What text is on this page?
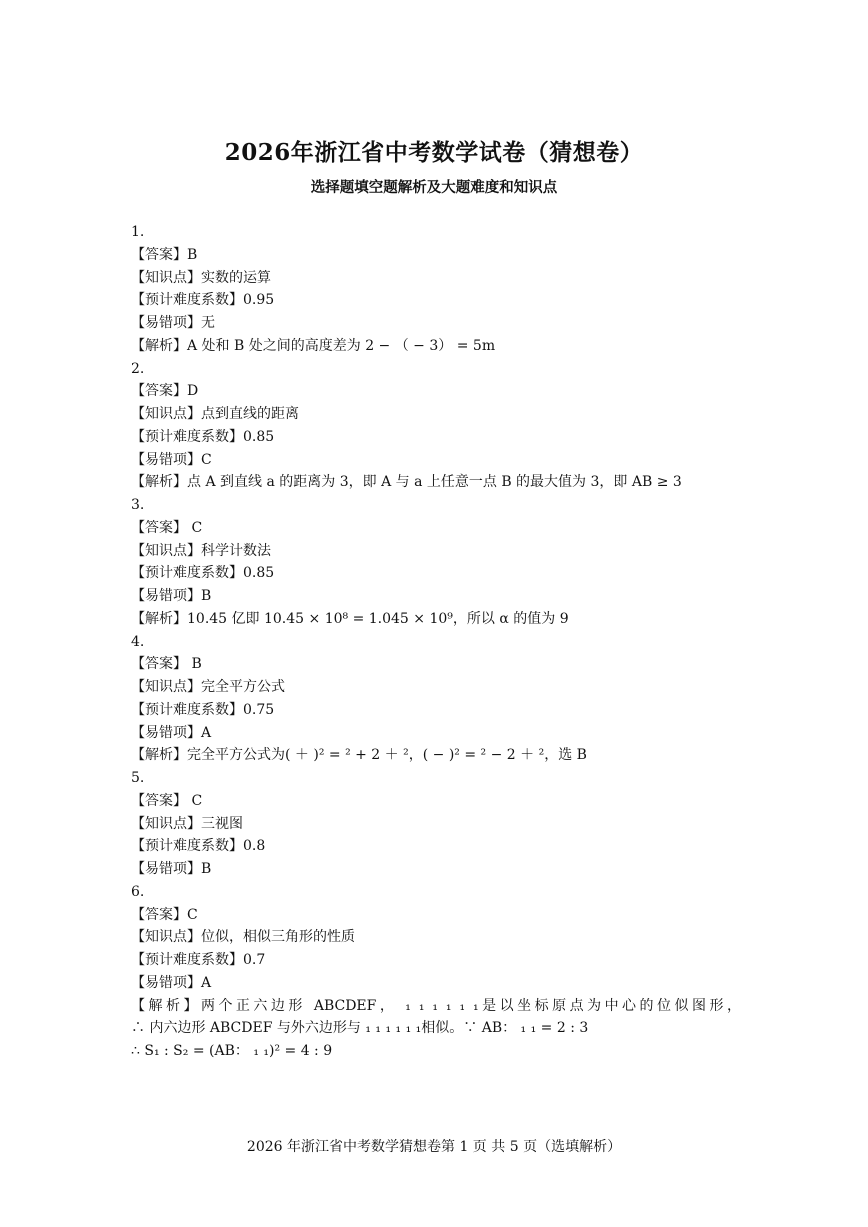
2026年浙江省中考数学试卷（猜想卷）
选择题填空题解析及大题难度和知识点
1.
【答案】B
【知识点】实数的运算
【预计难度系数】0.95
【易错项】无
【解析】A 处和 B 处之间的高度差为 2 − （ − 3） = 5m
2.
【答案】D
【知识点】点到直线的距离
【预计难度系数】0.85
【易错项】C
【解析】点 A 到直线 a 的距离为 3，即 A 与 a 上任意一点 B 的最大值为 3，即 AB ≥ 3
3.
【答案】 C
【知识点】科学计数法
【预计难度系数】0.85
【易错项】B
【解析】10.45 亿即 10.45 × 10⁸ = 1.045 × 10⁹，所以 α 的值为 9
4.
【答案】 B
【知识点】完全平方公式
【预计难度系数】0.75
【易错项】A
【解析】完全平方公式为( ＋ )² = ² + 2 ＋ ²，( − )² = ² − 2 ＋ ²，选 B
5.
【答案】 C
【知识点】三视图
【预计难度系数】0.8
【易错项】B
6.
【答案】C
【知识点】位似，相似三角形的性质
【预计难度系数】0.7
【易错项】A
【解析】两个正六边形 ABCDEF， ₁ ₁ ₁ ₁ ₁ ₁是以坐标原点为中心的位似图形，
∴ 内六边形 ABCDEF 与外六边形与 ₁ ₁ ₁ ₁ ₁ ₁相似。∵ AB： ₁ ₁ = 2 : 3
∴ S₁ : S₂ = (AB： ₁ ₁)² = 4 : 9
2026 年浙江省中考数学猜想卷第 1 页 共 5 页（选填解析）
